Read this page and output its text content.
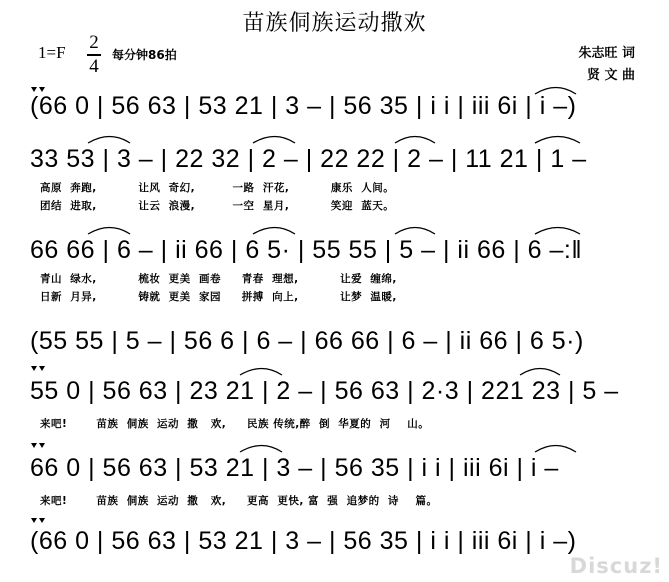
苗族侗族运动撒欢
1=F 2
4
每分钟86拍	朱志旺 词
贤 文 曲
(66 0 | 56 63 | 53 21 | 3 – | 56 35 | i i | iii 6i | i –)
33 53 | 3 – | 22 32 | 2 – | 22 22 | 2 – | 11 21 | 1 –
高原  奔跑,          让风  奇幻,         一路  汗花,          康乐  人间。
团结  进取,          让云  浪漫,         一空  星月,          笑迎  蓝天。
66 66 | 6 – | ii 66 | 6 5· | 55 55 | 5 – | ii 66 | 6 –:‖
青山  绿水,          梳妆  更美  画卷     青春  理想,          让爱  缠绵,
日新  月异,          铸就  更美  家园     拼搏  向上,          让梦  温暖,
(55 55 | 5 – | 56 6 | 6 – | 66 66 | 6 – | ii 66 | 6 5·)
55 0 | 56 63 | 23 21 | 2 – | 56 63 | 2·3 | 221 23 | 5 –
来吧!       苗族  侗族  运动  撒   欢,     民族 传统,醉  倒  华夏的  河    山。
66 0 | 56 63 | 53 21 | 3 – | 56 35 | i i | iii 6i | i –
来吧!       苗族  侗族  运动  撒   欢,     更高  更快, 富  强  追梦的  诗    篇。
(66 0 | 56 63 | 53 21 | 3 – | 56 35 | i i | iii 6i | i –)
Discuz!
